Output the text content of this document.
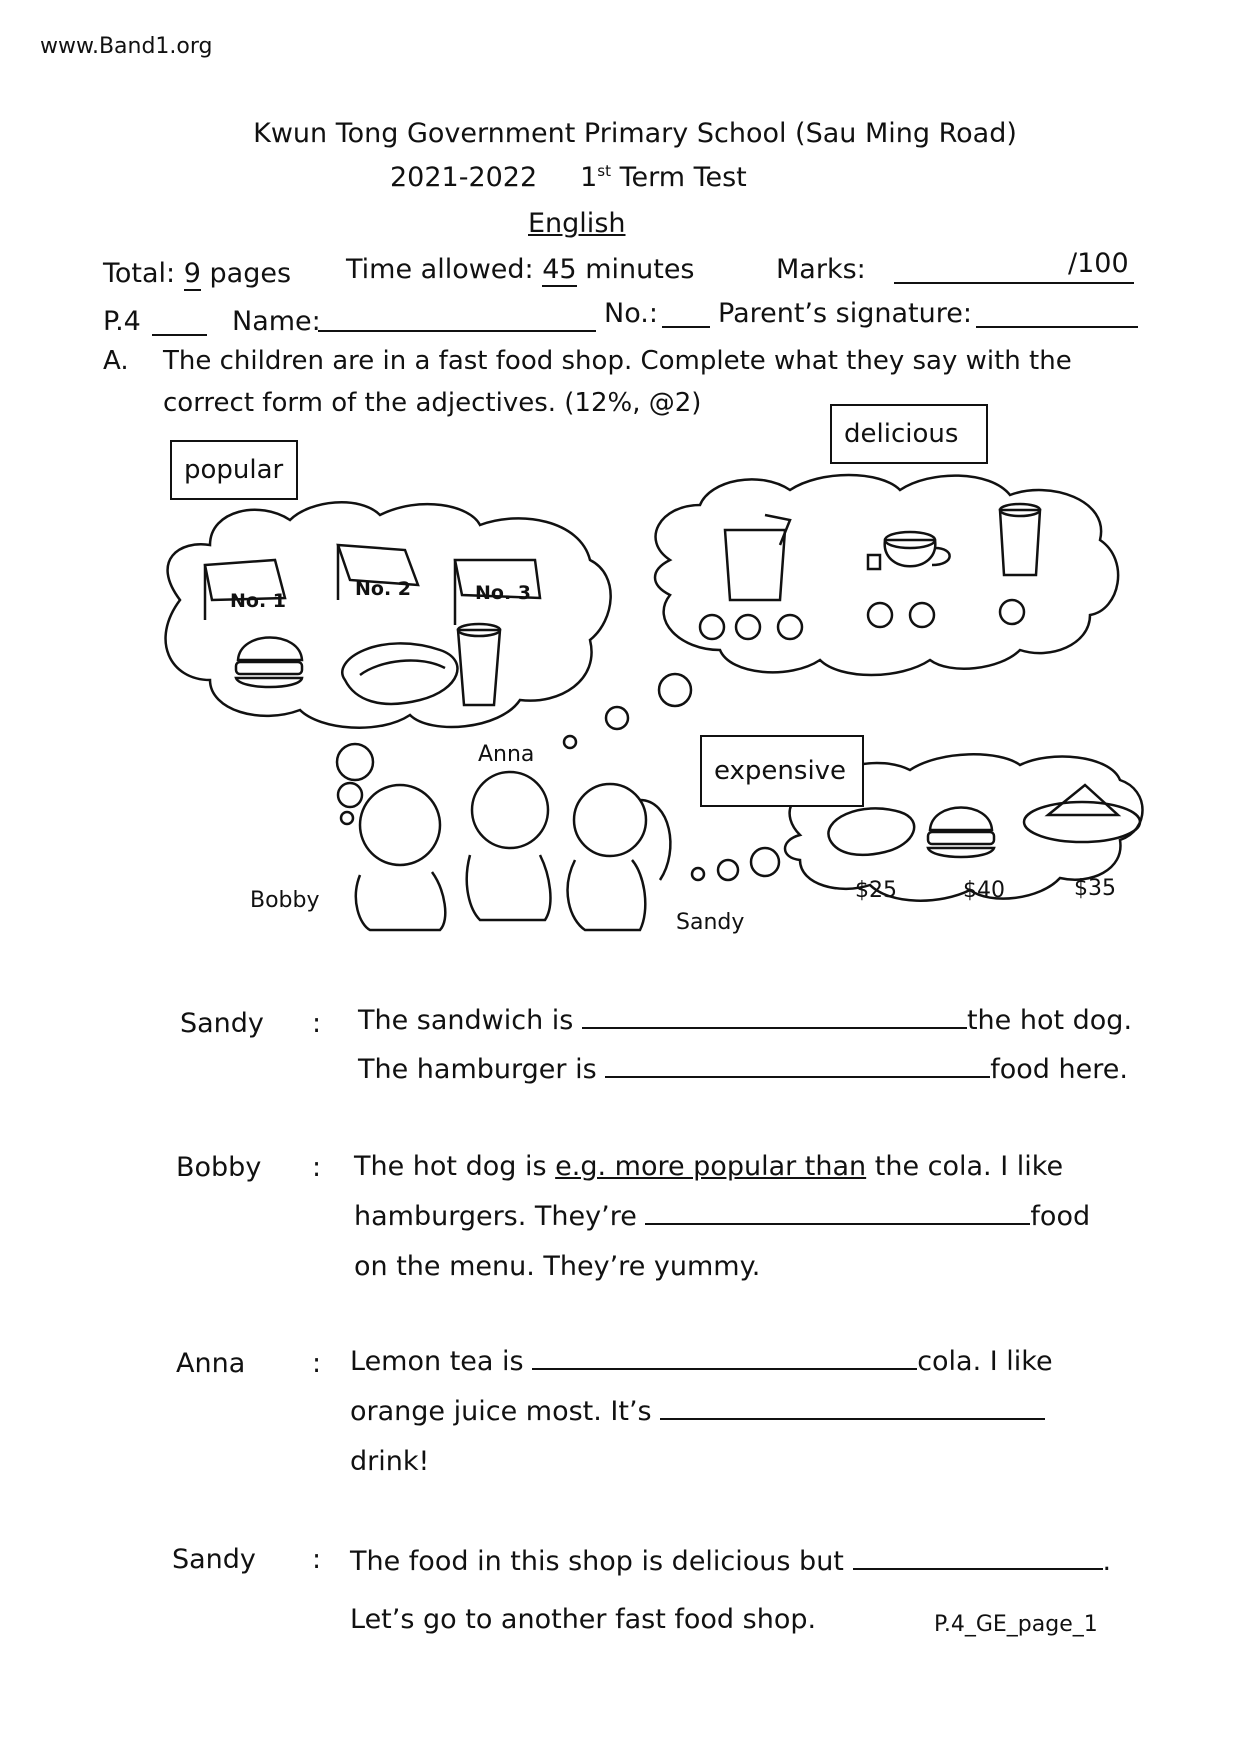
www.Band1.org
Kwun Tong Government Primary School (Sau Ming Road)
2021-2022 1st Term Test
English
Total: 9 pages Time allowed: 45 minutes	Marks:	/100
P.4	Name:	No.: Parent’s signature:
A. The children are in a fast food shop. Complete what they say with the
correct form of the adjectives. (12%, @2)
popular
delicious
expensive
No. 1
No. 2	No. 3
Anna
Bobby
Sandy
$25	$40	$35
Sandy : The sandwich is	the hot dog.
The hamburger is	food here.
Bobby : The hot dog is e.g. more popular than the cola. I like
hamburgers. They’re	food
on the menu. They’re yummy.
Anna : Lemon tea is	cola. I like
orange juice most. It’s
drink!
Sandy : The food in this shop is delicious but	.
Let’s go to another fast food shop.	P.4_GE_page_1
